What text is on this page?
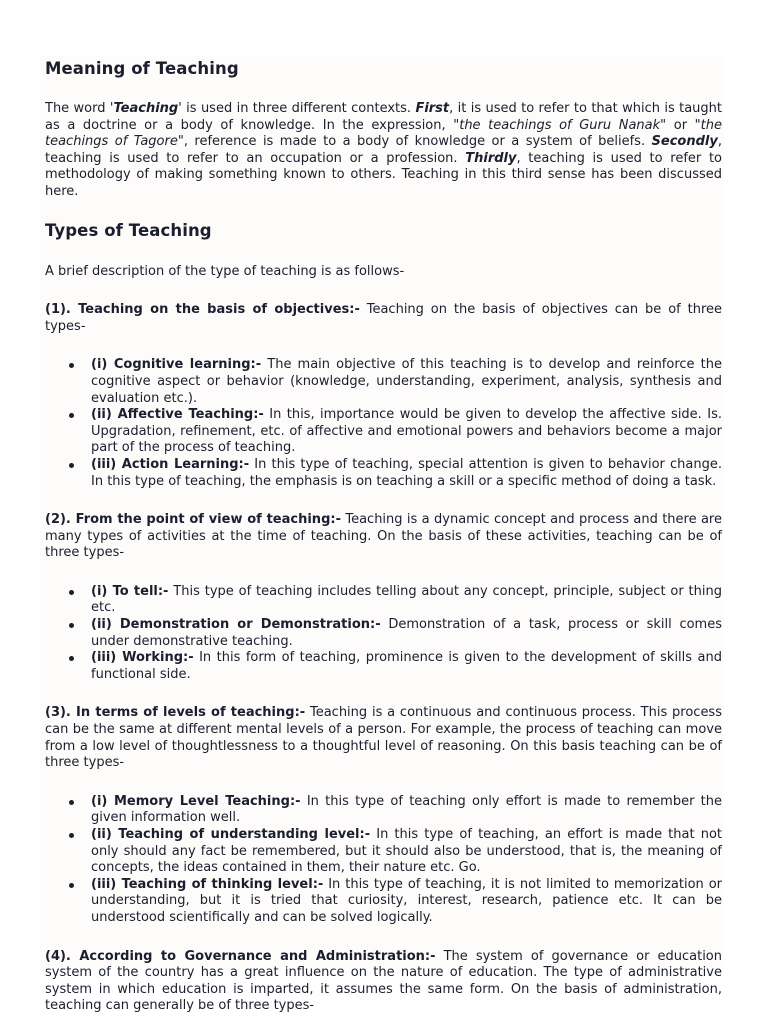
Meaning of Teaching

The word 'Teaching' is used in three different contexts. First, it is used to refer to that which is taught as a doctrine or a body of knowledge. In the expression, "the teachings of Guru Nanak" or "the teachings of Tagore", reference is made to a body of knowledge or a system of beliefs. Secondly, teaching is used to refer to an occupation or a profession. Thirdly, teaching is used to refer to methodology of making something known to others. Teaching in this third sense has been discussed here.

Types of Teaching

A brief description of the type of teaching is as follows-

(1). Teaching on the basis of objectives:- Teaching on the basis of objectives can be of three types-

(i) Cognitive learning:- The main objective of this teaching is to develop and reinforce the cognitive aspect or behavior (knowledge, understanding, experiment, analysis, synthesis and evaluation etc.).
(ii) Affective Teaching:- In this, importance would be given to develop the affective side. Is. Upgradation, refinement, etc. of affective and emotional powers and behaviors become a major part of the process of teaching.
(iii) Action Learning:- In this type of teaching, special attention is given to behavior change. In this type of teaching, the emphasis is on teaching a skill or a specific method of doing a task.

(2). From the point of view of teaching:- Teaching is a dynamic concept and process and there are many types of activities at the time of teaching. On the basis of these activities, teaching can be of three types-

(i) To tell:- This type of teaching includes telling about any concept, principle, subject or thing etc.
(ii) Demonstration or Demonstration:- Demonstration of a task, process or skill comes under demonstrative teaching.
(iii) Working:- In this form of teaching, prominence is given to the development of skills and functional side.

(3). In terms of levels of teaching:- Teaching is a continuous and continuous process. This process can be the same at different mental levels of a person. For example, the process of teaching can move from a low level of thoughtlessness to a thoughtful level of reasoning. On this basis teaching can be of three types-

(i) Memory Level Teaching:- In this type of teaching only effort is made to remember the given information well.
(ii) Teaching of understanding level:- In this type of teaching, an effort is made that not only should any fact be remembered, but it should also be understood, that is, the meaning of concepts, the ideas contained in them, their nature etc. Go.
(iii) Teaching of thinking level:- In this type of teaching, it is not limited to memorization or understanding, but it is tried that curiosity, interest, research, patience etc. It can be understood scientifically and can be solved logically.

(4). According to Governance and Administration:- The system of governance or education system of the country has a great influence on the nature of education. The type of administrative system in which education is imparted, it assumes the same form. On the basis of administration, teaching can generally be of three types-
